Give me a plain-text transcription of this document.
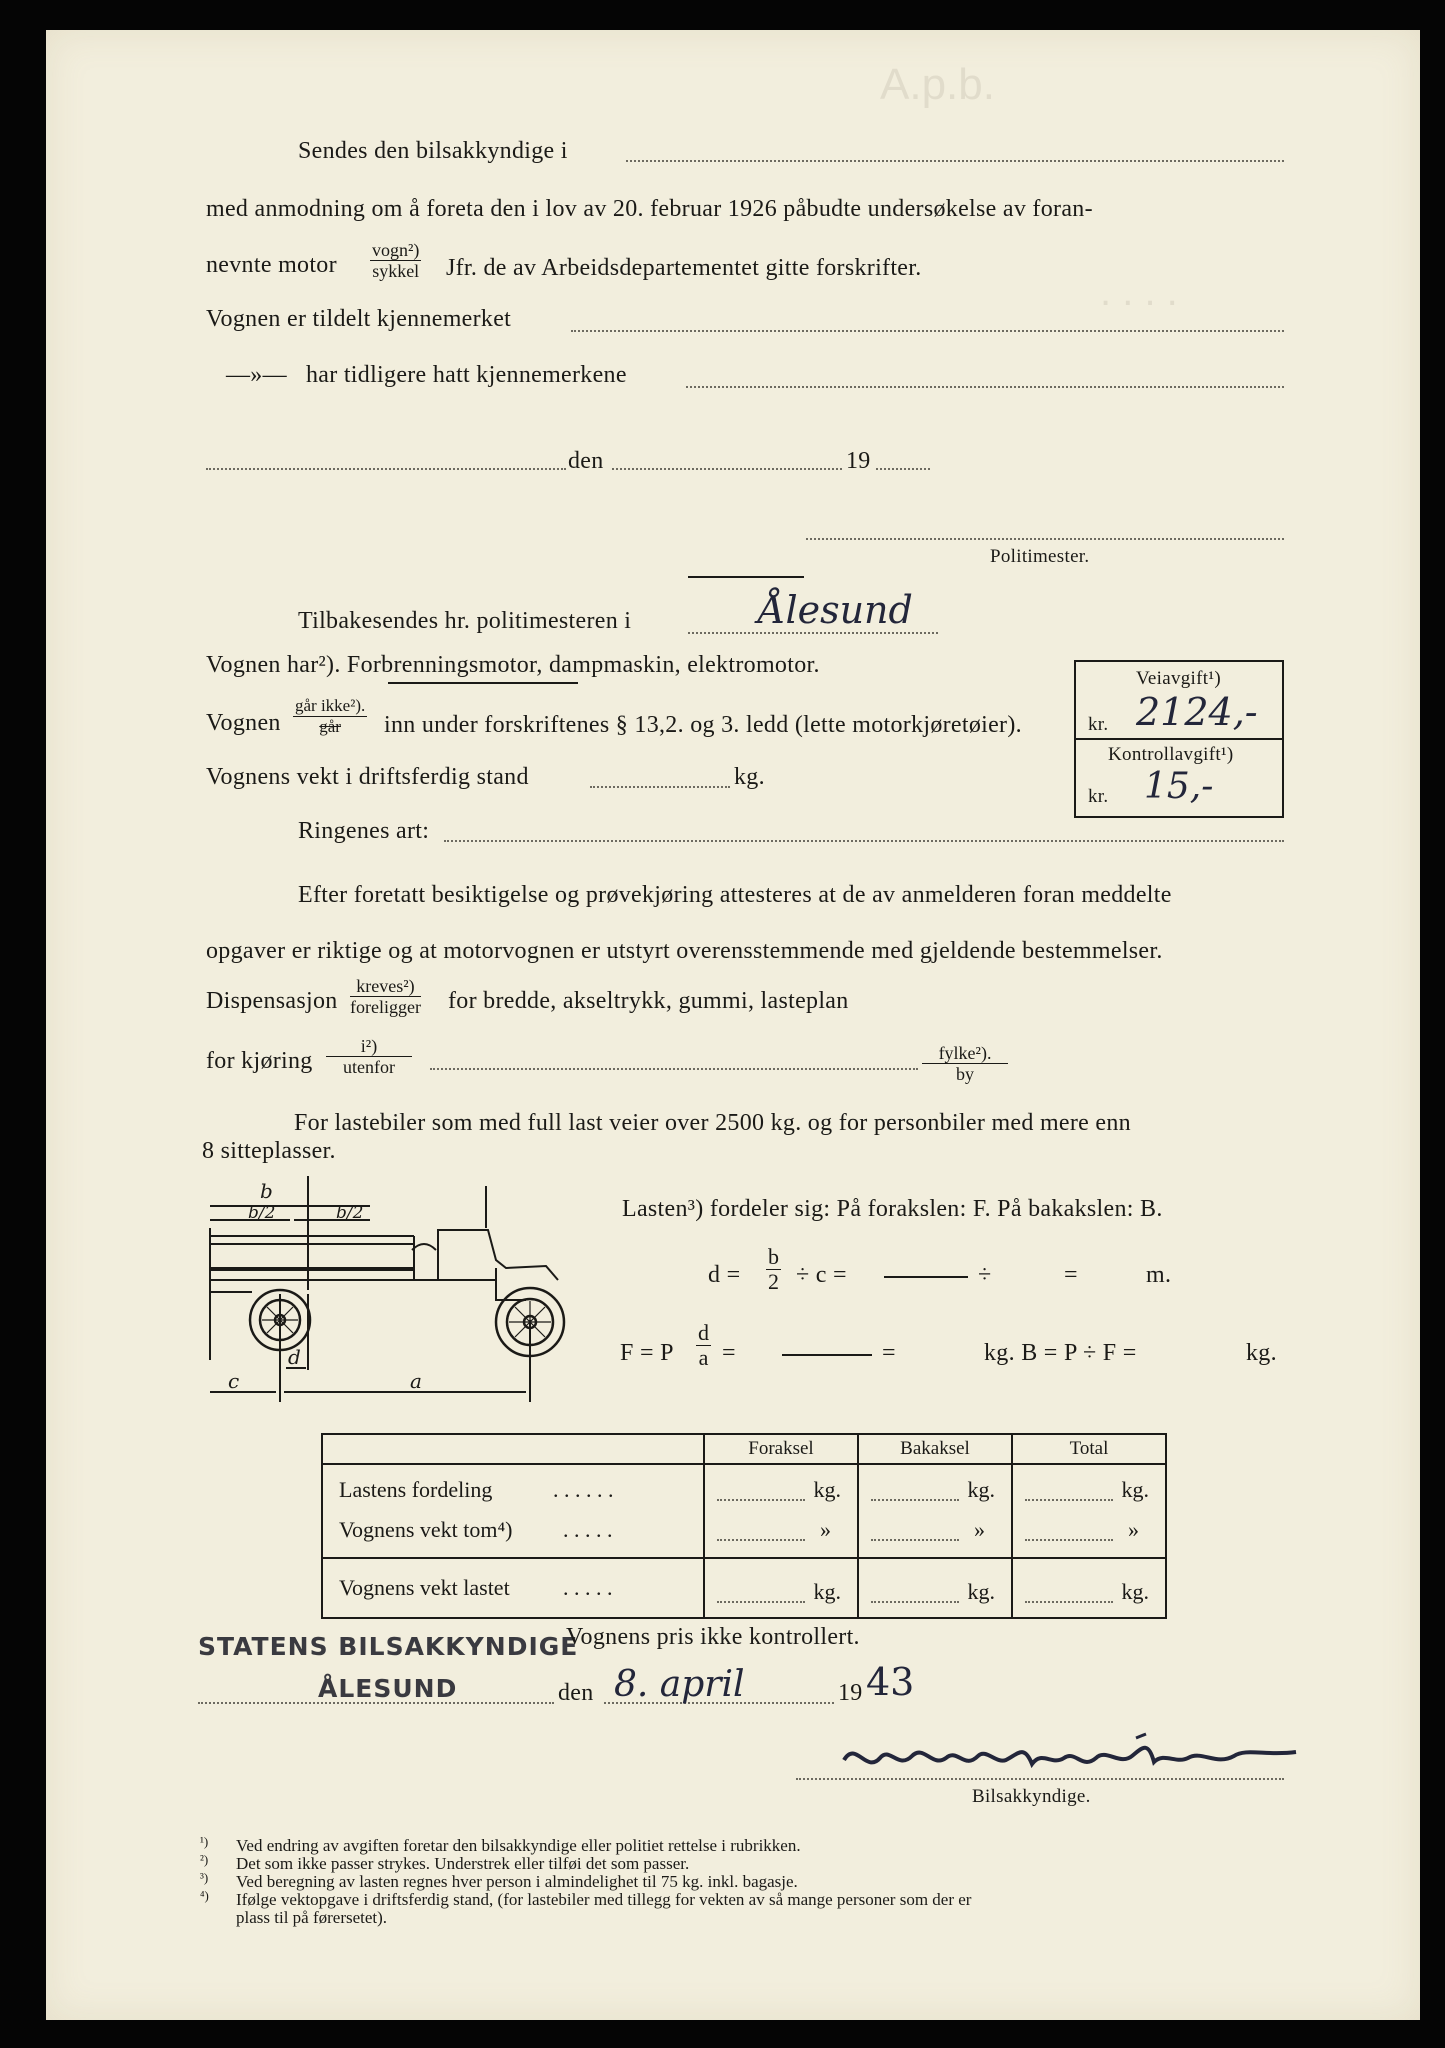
A.p.b.
. . . .
Sendes den bilsakkyndige i
med anmodning om å foreta den i lov av 20. februar 1926 påbudte undersøkelse av foran-
nevnte motor
vogn²)
sykkel Jfr. de av Arbeidsdepartementet gitte forskrifter.
Vognen er tildelt kjennemerket
—»— har tidligere hatt kjennemerkene
den	19
Politimester.
Tilbakesendes hr. politimesteren i	Ålesund
Vognen har²). Forbrenningsmotor, dampmaskin, elektromotor.
Vognen
går ikke²).
går	inn under forskriftenes § 13,2. og 3. ledd (lette motorkjøretøier).
Vognens vekt i driftsferdig stand	kg.
Ringenes art:
Veiavgift¹)
kr. 2124,-
Kontrollavgift¹)
kr. 15,-
Efter foretatt besiktigelse og prøvekjøring attesteres at de av anmelderen foran meddelte
opgaver er riktige og at motorvognen er utstyrt overensstemmende med gjeldende bestemmelser.
Dispensasjon
kreves²)
foreligger for bredde, akseltrykk, gummi, lasteplan
for kjøring
i²)
utenfor
fylke²).
by
For lastebiler som med full last veier over 2500 kg. og for personbiler med mere enn
8 sitteplasser.
b
b/2	b/2
c
d
a
Lasten³) fordeler sig: På forakslen: F. På bakakslen: B.
$d = \frac{b}{2} \div c$ =	÷	=	m.
F = P $\frac{d}{a}$ =	=	kg. B = P ÷ F =	kg.
	Foraksel	Bakaksel	Total

Lastens fordeling . . . . . .	kg.	kg.	kg.

Vognens vekt tom⁴) . . . . .	»	»	»

Vognens vekt lastet . . . . .	kg.	kg.	kg.
STATENS BILSAKKYNDIGE
Vognens pris ikke kontrollert.
ÅLESUND	den 8. april	19 43
Bilsakkyndige.
¹) Ved endring av avgiften foretar den bilsakkyndige eller politiet rettelse i rubrikken.
²) Det som ikke passer strykes. Understrek eller tilføi det som passer.
³) Ved beregning av lasten regnes hver person i almindelighet til 75 kg. inkl. bagasje.
⁴) Ifølge vektopgave i driftsferdig stand, (for lastebiler med tillegg for vekten av så mange personer som der er
plass til på førersetet).
